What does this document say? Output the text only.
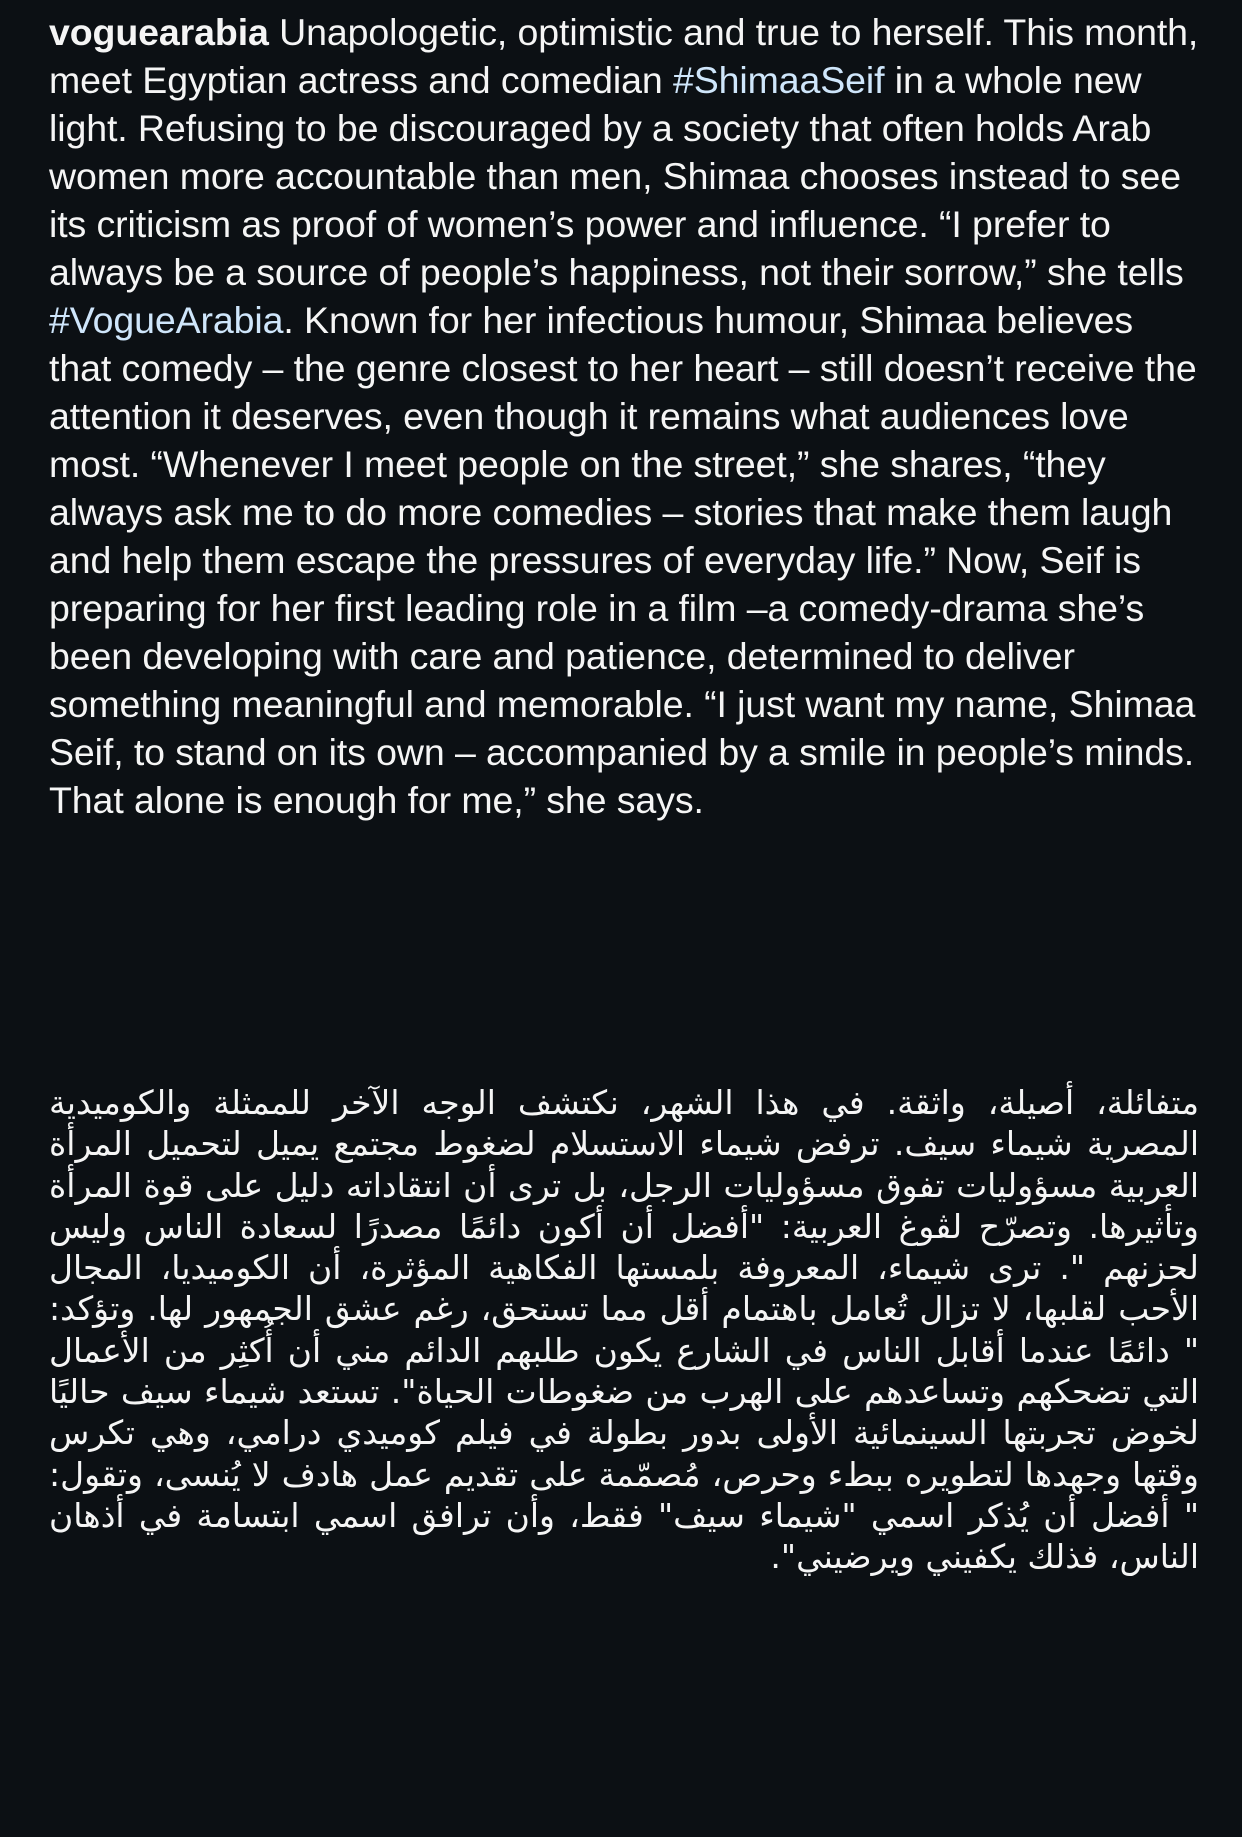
voguearabia Unapologetic, optimistic and true to herself. This month, meet Egyptian actress and comedian #ShimaaSeif in a whole new light. Refusing to be discouraged by a society that often holds Arab women more accountable than men, Shimaa chooses instead to see its criticism as proof of women’s power and influence. “I prefer to always be a source of people’s happiness, not their sorrow,” she tells #VogueArabia. Known for her infectious humour, Shimaa believes that comedy – the genre closest to her heart – still doesn’t receive the attention it deserves, even though it remains what audiences love most. “Whenever I meet people on the street,” she shares, “they always ask me to do more comedies – stories that make them laugh and help them escape the pressures of everyday life.” Now, Seif is preparing for her first leading role in a film –a comedy-drama she’s been developing with care and patience, determined to deliver something meaningful and memorable. “I just want my name, Shimaa Seif, to stand on its own – accompanied by a smile in people’s minds. That alone is enough for me,” she says.
متفائلة، أصيلة، واثقة. في هذا الشهر، نكتشف الوجه الآخر للممثلة والكوميدية المصرية شيماء سيف. ترفض شيماء الاستسلام لضغوط مجتمع يميل لتحميل المرأة العربية مسؤوليات تفوق مسؤوليات الرجل، بل ترى أن انتقاداته دليل على قوة المرأة وتأثيرها. وتصرّح لڤوغ العربية: "أفضل أن أكون دائمًا مصدرًا لسعادة الناس وليس لحزنهم ". ترى شيماء، المعروفة بلمستها الفكاهية المؤثرة، أن الكوميديا، المجال الأحب لقلبها، لا تزال تُعامل باهتمام أقل مما تستحق، رغم عشق الجمهور لها. وتؤكد: " دائمًا عندما أقابل الناس في الشارع يكون طلبهم الدائم مني أن أُكثِر من الأعمال التي تضحكهم وتساعدهم على الهرب من ضغوطات الحياة". تستعد شيماء سيف حاليًا لخوض تجربتها السينمائية الأولى بدور بطولة في فيلم كوميدي درامي، وهي تكرس وقتها وجهدها لتطويره ببطء وحرص، مُصمّمة على تقديم عمل هادف لا يُنسى، وتقول: " أفضل أن يُذكر اسمي "شيماء سيف" فقط، وأن ترافق اسمي ابتسامة في أذهان الناس، فذلك يكفيني ويرضيني".
